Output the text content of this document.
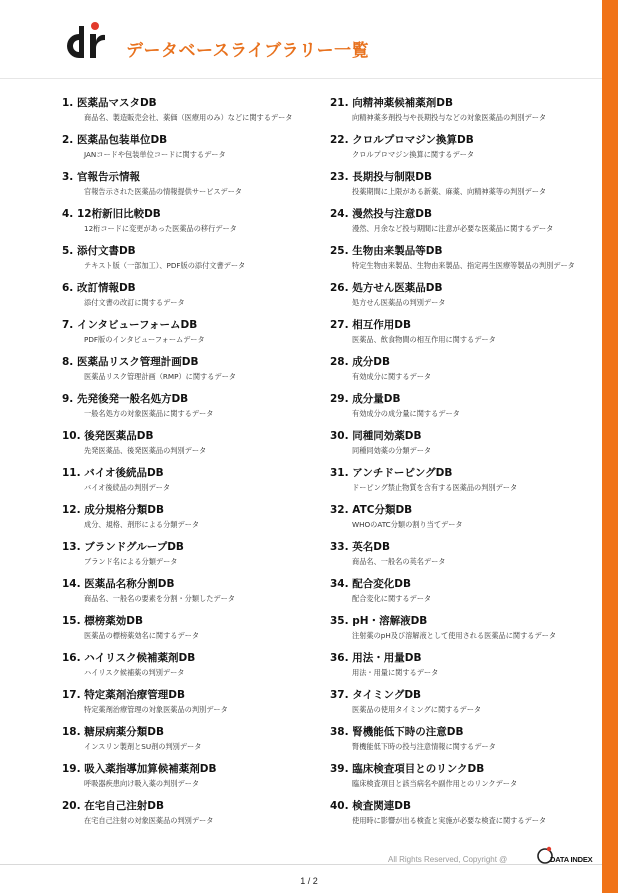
データベースライブラリー一覧
1. 医薬品マスタDB
商品名、製造販売会社、薬価（医療用のみ）などに関するデータ
2. 医薬品包装単位DB
JANコードや包装単位コードに関するデータ
3. 官報告示情報
官報告示された医薬品の情報提供サービスデータ
4. 12桁新旧比較DB
12桁コードに変更があった医薬品の移行データ
5. 添付文書DB
テキスト版（一部加工）、PDF版の添付文書データ
6. 改訂情報DB
添付文書の改訂に関するデータ
7. インタビューフォームDB
PDF版のインタビューフォームデータ
8. 医薬品リスク管理計画DB
医薬品リスク管理計画（RMP）に関するデータ
9. 先発後発一般名処方DB
一般名処方の対象医薬品に関するデータ
10. 後発医薬品DB
先発医薬品、後発医薬品の判別データ
11. バイオ後続品DB
バイオ後続品の判別データ
12. 成分規格分類DB
成分、規格、剤形による分類データ
13. ブランドグループDB
ブランド名による分類データ
14. 医薬品名称分割DB
商品名、一般名の要素を分割・分類したデータ
15. 標榜薬効DB
医薬品の標榜薬効名に関するデータ
16. ハイリスク候補薬剤DB
ハイリスク候補薬の判別データ
17. 特定薬剤治療管理DB
特定薬剤治療管理の対象医薬品の判別データ
18. 糖尿病薬分類DB
インスリン製剤とSU剤の判別データ
19. 吸入薬指導加算候補薬剤DB
呼吸器疾患向け吸入薬の判別データ
20. 在宅自己注射DB
在宅自己注射の対象医薬品の判別データ
21. 向精神薬候補薬剤DB
向精神薬多剤投与や長期投与などの対象医薬品の判別データ
22. クロルプロマジン換算DB
クロルプロマジン換算に関するデータ
23. 長期投与制限DB
投薬期間に上限がある新薬、麻薬、向精神薬等の判別データ
24. 漫然投与注意DB
漫然、月余など投与期間に注意が必要な医薬品に関するデータ
25. 生物由来製品等DB
特定生物由来製品、生物由来製品、指定再生医療等製品の判別データ
26. 処方せん医薬品DB
処方せん医薬品の判別データ
27. 相互作用DB
医薬品、飲食物間の相互作用に関するデータ
28. 成分DB
有効成分に関するデータ
29. 成分量DB
有効成分の成分量に関するデータ
30. 同種同効薬DB
同種同効薬の分類データ
31. アンチドーピングDB
ドーピング禁止物質を含有する医薬品の判別データ
32. ATC分類DB
WHOのATC分類の割り当てデータ
33. 英名DB
商品名、一般名の英名データ
34. 配合変化DB
配合変化に関するデータ
35. pH・溶解液DB
注射薬のpH及び溶解液として使用される医薬品に関するデータ
36. 用法・用量DB
用法・用量に関するデータ
37. タイミングDB
医薬品の使用タイミングに関するデータ
38. 腎機能低下時の注意DB
腎機能低下時の投与注意情報に関するデータ
39. 臨床検査項目とのリンクDB
臨床検査項目と該当病名や副作用とのリンクデータ
40. 検査関連DB
使用時に影響が出る検査と実施が必要な検査に関するデータ
All Rights Reserved, Copyright @	DATA INDEX
1 / 2
